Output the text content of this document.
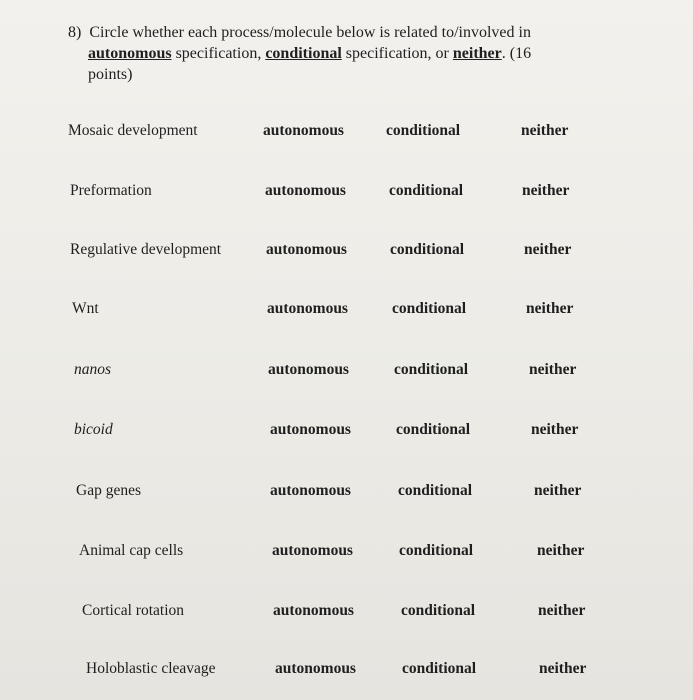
8) Circle whether each process/molecule below is related to/involved in
autonomous specification, conditional specification, or neither. (16
points)
Mosaic development	autonomous	conditional	neither
Preformation	autonomous	conditional	neither
Regulative development	autonomous	conditional	neither
Wnt	autonomous	conditional	neither
nanos	autonomous	conditional	neither
bicoid	autonomous	conditional	neither
Gap genes	autonomous	conditional	neither
Animal cap cells	autonomous	conditional	neither
Cortical rotation	autonomous	conditional	neither
Holoblastic cleavage	autonomous	conditional	neither
